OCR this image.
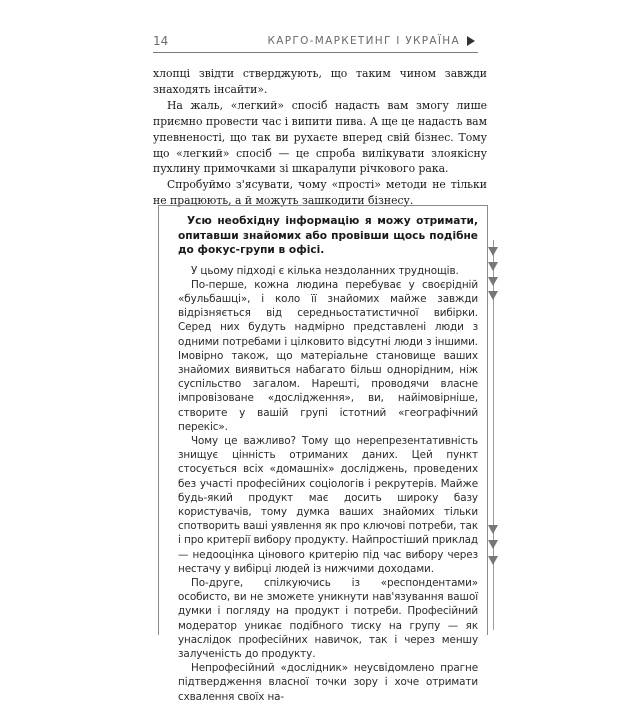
14	КАРГО-МАРКЕТИНГ І УКРАЇНА

хлопці звідти стверджують, що таким чином завжди знаходять інсайти».

На жаль, «легкий» спосіб надасть вам змогу лише приємно провести час і випити пива. А ще це надасть вам упевненості, що так ви рухаєте вперед свій бізнес. Тому що «легкий» спосіб — це спроба вилікувати злоякісну пухлину примочками зі шкаралупи річкового рака.

Спробуймо з'ясувати, чому «прості» методи не тільки не працюють, а й можуть зашкодити бізнесу.

Усю необхідну інформацію я можу отримати, опитавши знайомих або провівши щось подібне до фокус-групи в офісі.

У цьому підході є кілька нездоланних труднощів.

По-перше, кожна людина перебуває у своєрідній «бульбашці», і коло її знайомих майже завжди відрізняється від середньостатистичної вибірки. Серед них будуть надмірно представлені люди з одними потребами і цілковито відсутні люди з іншими. Імовірно також, що матеріальне становище ваших знайомих виявиться набагато більш однорідним, ніж суспільство загалом. Нарешті, проводячи власне імпровізоване «дослідження», ви, найімовірніше, створите у вашій групі істотний «географічний перекіс».

Чому це важливо? Тому що нерепрезентативність знищує цінність отриманих даних. Цей пункт стосується всіх «домашніх» досліджень, проведених без участі професійних соціологів і рекрутерів. Майже будь-який продукт має досить широку базу користувачів, тому думка ваших знайомих тільки спотворить ваші уявлення як про ключові потреби, так і про критерії вибору продукту. Найпростіший приклад — недооцінка цінового критерію під час вибору через нестачу у вибірці людей із нижчими доходами.

По-друге, спілкуючись із «респондентами» особисто, ви не зможете уникнути нав'язування вашої думки і погляду на продукт і потреби. Професійний модератор уникає подібного тиску на групу — як унаслідок професійних навичок, так і через меншу залученість до продукту.

Непрофесійний «дослідник» неусвідомлено прагне підтвердження власної точки зору і хоче отримати схвалення своїх на-
